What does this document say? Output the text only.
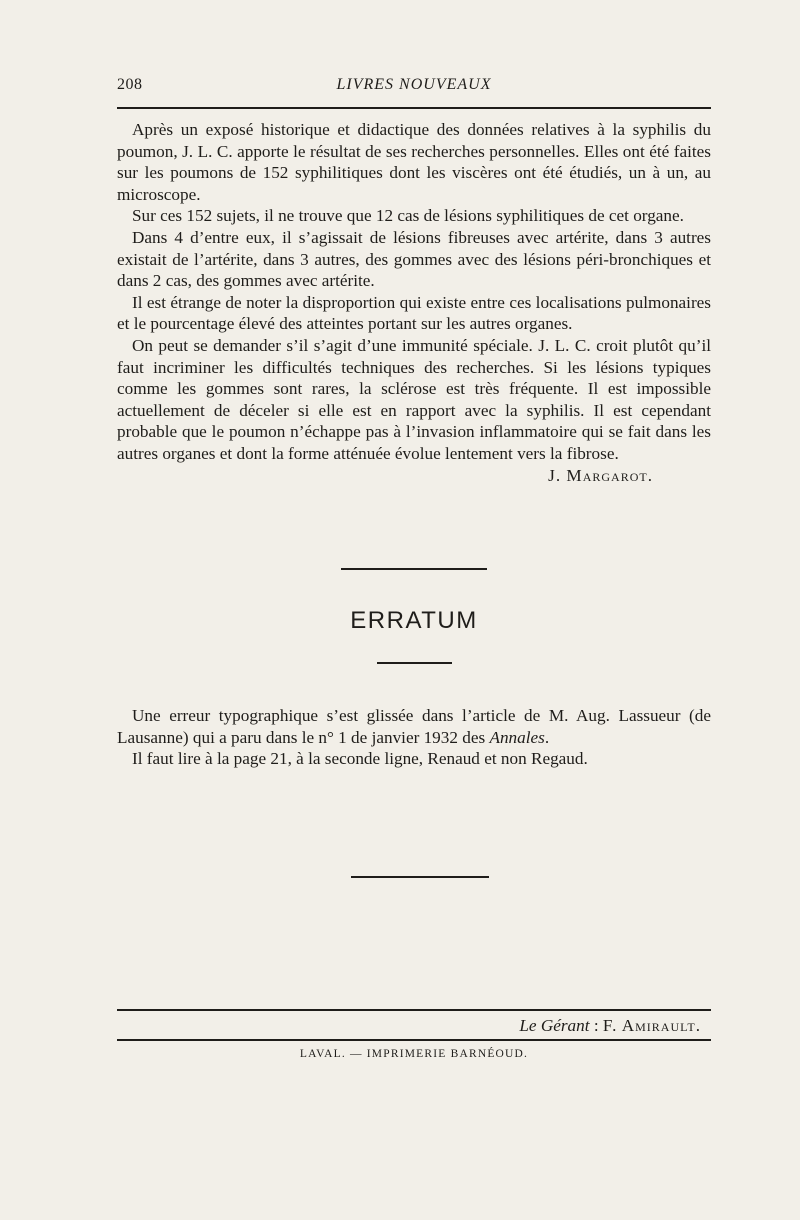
208	LIVRES NOUVEAUX

Après un exposé historique et didactique des données relatives à la syphilis du poumon, J. L. C. apporte le résultat de ses recherches personnelles. Elles ont été faites sur les poumons de 152 syphilitiques dont les viscères ont été étudiés, un à un, au microscope.

Sur ces 152 sujets, il ne trouve que 12 cas de lésions syphilitiques de cet organe.

Dans 4 d’entre eux, il s’agissait de lésions fibreuses avec artérite, dans 3 autres existait de l’artérite, dans 3 autres, des gommes avec des lésions péri-bronchiques et dans 2 cas, des gommes avec artérite.

Il est étrange de noter la disproportion qui existe entre ces localisations pulmonaires et le pourcentage élevé des atteintes portant sur les autres organes.

On peut se demander s’il s’agit d’une immunité spéciale. J. L. C. croit plutôt qu’il faut incriminer les difficultés techniques des recherches. Si les lésions typiques comme les gommes sont rares, la sclérose est très fréquente. Il est impossible actuellement de déceler si elle est en rapport avec la syphilis. Il est cependant probable que le poumon n’échappe pas à l’invasion inflammatoire qui se fait dans les autres organes et dont la forme atténuée évolue lentement vers la fibrose.

J. Margarot.

ERRATUM

Une erreur typographique s’est glissée dans l’article de M. Aug. Lassueur (de Lausanne) qui a paru dans le n° 1 de janvier 1932 des Annales.

Il faut lire à la page 21, à la seconde ligne, Renaud et non Regaud.

Le Gérant : F. Amirault.
LAVAL. — IMPRIMERIE BARNÉOUD.
